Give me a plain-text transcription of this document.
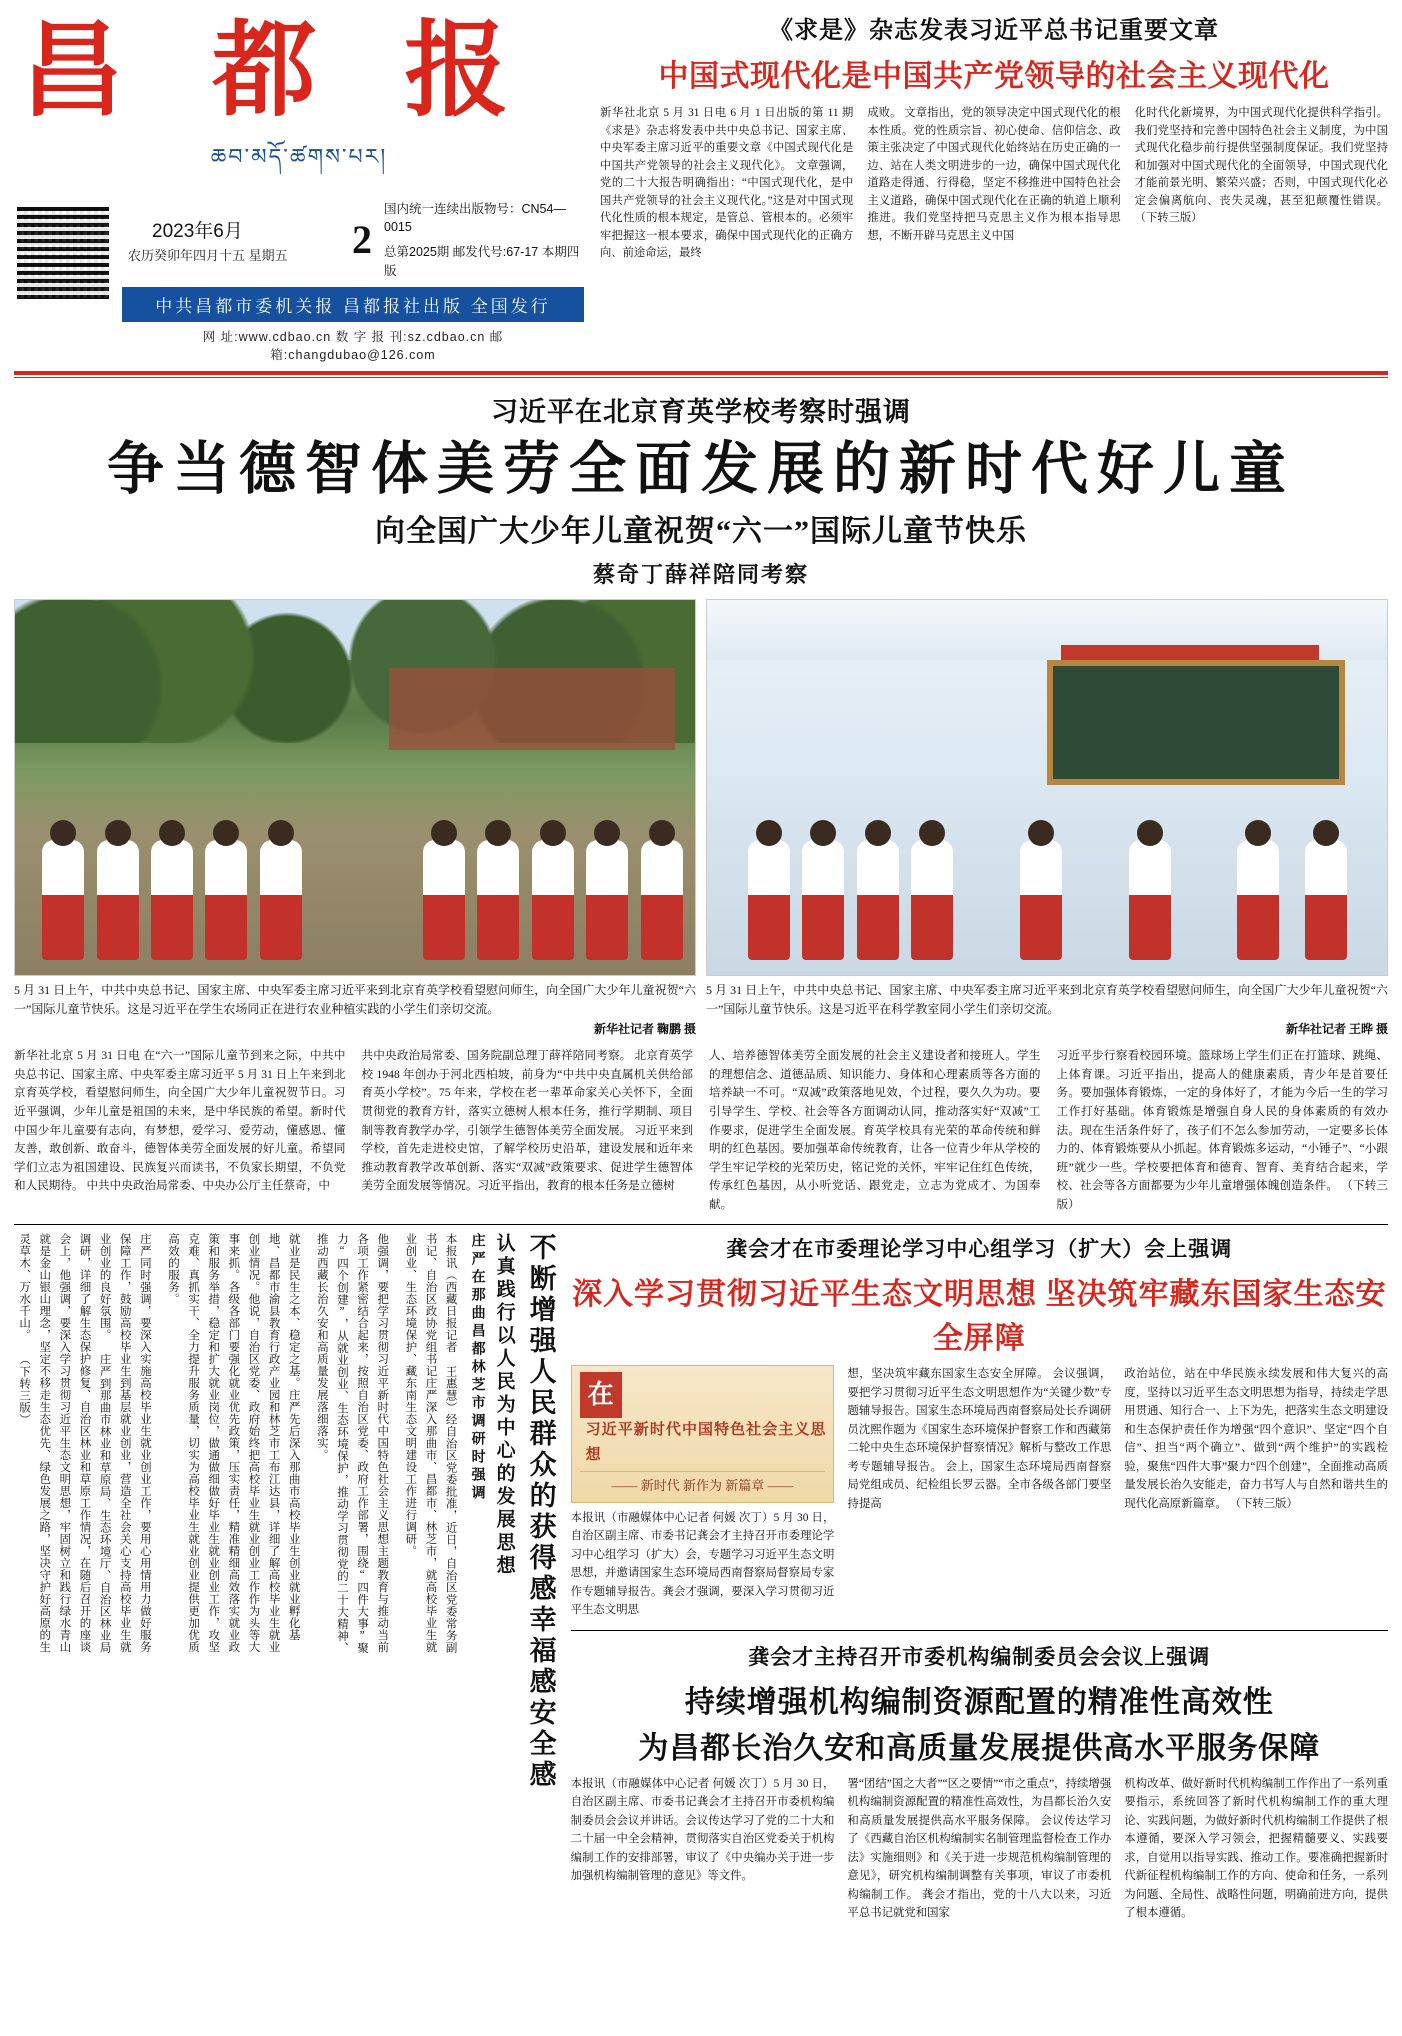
昌 都 报
ཆབ་མདོ་ཚགས་པར།
2023年6月
农历癸卯年四月十五 星期五	2
国内统一连续出版物号：CN54—0015
总第2025期 邮发代号:67-17 本期四版
中共昌都市委机关报 昌都报社出版 全国发行
网 址:www.cdbao.cn 数 字 报 刊:sz.cdbao.cn 邮 箱:changdubao@126.com
《求是》杂志发表习近平总书记重要文章
中国式现代化是中国共产党领导的社会主义现代化
新华社北京 5 月 31 日电 6 月 1 日出版的第 11 期《求是》杂志将发表中共中央总书记、国家主席、中央军委主席习近平的重要文章《中国式现代化是中国共产党领导的社会主义现代化》。 文章强调，党的二十大报告明确指出：“中国式现代化，是中国共产党领导的社会主义现代化。”这是对中国式现代化性质的根本规定，是管总、管根本的。必须牢牢把握这一根本要求，确保中国式现代化的正确方向、前途命运，最终
成败。 文章指出，党的领导决定中国式现代化的根本性质。党的性质宗旨、初心使命、信仰信念、政策主张决定了中国式现代化始终站在历史正确的一边、站在人类文明进步的一边，确保中国式现代化道路走得通、行得稳，坚定不移推进中国特色社会主义道路，确保中国式现代化在正确的轨道上顺利推进。我们党坚持把马克思主义作为根本指导思想，不断开辟马克思主义中国
化时代化新境界，为中国式现代化提供科学指引。我们党坚持和完善中国特色社会主义制度，为中国式现代化稳步前行提供坚强制度保证。我们党坚持和加强对中国式现代化的全面领导，中国式现代化才能前景光明、繁荣兴盛；否则，中国式现代化必定会偏离航向、丧失灵魂，甚至犯颠覆性错误。 （下转三版）
习近平在北京育英学校考察时强调
争当德智体美劳全面发展的新时代好儿童
向全国广大少年儿童祝贺“六一”国际儿童节快乐
蔡奇丁薛祥陪同考察
5 月 31 日上午，中共中央总书记、国家主席、中央军委主席习近平来到北京育英学校看望慰问师生，向全国广大少年儿童祝贺“六一”国际儿童节快乐。这是习近平在学生农场同正在进行农业种植实践的小学生们亲切交流。
新华社记者 鞠鹏 摄
5 月 31 日上午，中共中央总书记、国家主席、中央军委主席习近平来到北京育英学校看望慰问师生，向全国广大少年儿童祝贺“六一”国际儿童节快乐。这是习近平在科学教室同小学生们亲切交流。
新华社记者 王晔 摄
新华社北京 5 月 31 日电 在“六一”国际儿童节到来之际，中共中央总书记、国家主席、中央军委主席习近平 5 月 31 日上午来到北京育英学校，看望慰问师生，向全国广大少年儿童祝贺节日。习近平强调，少年儿童是祖国的未来，是中华民族的希望。新时代中国少年儿童要有志向，有梦想，爱学习、爱劳动，懂感恩、懂友善，敢创新、敢奋斗，德智体美劳全面发展的好儿童。希望同学们立志为祖国建设、民族复兴而读书，不负家长期望，不负党和人民期待。 中共中央政治局常委、中央办公厅主任蔡奇，中
共中央政治局常委、国务院副总理丁薛祥陪同考察。 北京育英学校 1948 年创办于河北西柏坡，前身为“中共中央直属机关供给部育英小学校”。75 年来，学校在老一辈革命家关心关怀下，全面贯彻党的教育方针，落实立德树人根本任务，推行学期制、项目制等教育教学办学，引领学生德智体美劳全面发展。 习近平来到学校，首先走进校史馆，了解学校历史沿革，建设发展和近年来推动教育教学改革创新、落实“双减”政策要求、促进学生德智体美劳全面发展等情况。习近平指出，教育的根本任务是立德树
人、培养德智体美劳全面发展的社会主义建设者和接班人。学生的理想信念、道德品质、知识能力、身体和心理素质等各方面的培养缺一不可。“双减”政策落地见效，个过程，要久久为功。要引导学生、学校、社会等各方面调动认同，推动落实好“双减”工作要求，促进学生全面发展。育英学校具有光荣的革命传统和鲜明的红色基因。要加强革命传统教育，让各一位青少年从学校的学生牢记学校的光荣历史，铭记党的关怀，牢牢记住红色传统，传承红色基因，从小听党话、跟党走，立志为党成才、为国奉献。
习近平步行察看校园环境。篮球场上学生们正在打篮球、跳绳、上体育课。习近平指出，提高人的健康素质，青少年是首要任务。要加强体育锻炼，一定的身体好了，才能为今后一生的学习工作打好基础。体育锻炼是增强自身人民的身体素质的有效办法。现在生活条件好了，孩子们不怎么参加劳动，一定要多长体力的、体育锻炼要从小抓起。体育锻炼多运动，“小锤子”、“小跟班”就少一些。学校要把体育和德育、智育、美育结合起来，学校、社会等各方面都要为少年儿童增强体魄创造条件。 （下转三版）
不断增强人民群众的获得感幸福感安全感
认真践行以人民为中心的发展思想
庄严在那曲昌都林芝市调研时强调
本报讯（西藏日报记者 王惠慧）经自治区党委批准，近日，自治区党委常务副书记、自治区政协党组书记庄严深入那曲市、昌都市、林芝市，就高校毕业生就业创业、生态环境保护、藏东南生态文明建设工作进行调研。
他强调，要把学习贯彻习近平新时代中国特色社会主义思想主题教育与推动当前各项工作紧密结合起来，按照自治区党委、政府工作部署，围绕“四件大事”聚力“四个创建”，从就业创业、生态环境保护，推动学习贯彻党的二十大精神、推动西藏长治久安和高质量发展落细落实。
就业是民生之本、稳定之基。庄严先后深入那曲市高校毕业生创业就业孵化基地、昌都市渝县教育行政产业园和林芝市工布江达县，详细了解高校毕业生就业创业情况。他说，自治区党委、政府始终把高校毕业生就业创业工作作为头等大事来抓。各级各部门要强化就业优先政策，压实责任，精准精细高效落实就业政策和服务举措，稳定和扩大就业岗位，做通做细做好毕业生就业创业工作，攻坚克难、真抓实干、全力提升服务质量，切实为高校毕业生就业创业提供更加优质高效的服务。
庄严同时强调，要深入实施高校毕业生就业创业工作，要用心用情用力做好服务保障工作，鼓励高校毕业生到基层就业创业，营造全社会关心支持高校毕业生就业创业的良好氛围。 庄严到那曲市林业和草原局、生态环境厅、自治区林业局调研，详细了解生态保护修复、自治区林业和草原工作情况，在随后召开的座谈会上，他强调，要深入学习贯彻习近平生态文明思想，牢固树立和践行绿水青山就是金山银山理念，坚定不移走生态优先、绿色发展之路，坚决守护好高原的生灵草木、万水千山。 （下转三版）	龚会才在市委理论学习中心组学习（扩大）会上强调
深入学习贯彻习近平生态文明思想 坚决筑牢藏东国家生态安全屏障
在 习近平新时代中国特色社会主义思想
—— 新时代 新作为 新篇章 ——
本报讯（市融媒体中心记者 何媛 次丁）5 月 30 日，自治区副主席、市委书记龚会才主持召开市委理论学习中心组学习（扩大）会，专题学习习近平生态文明思想，并邀请国家生态环境局西南督察局督察局专家作专题辅导报告。龚会才强调，要深入学习贯彻习近平生态文明思
想，坚决筑牢藏东国家生态安全屏障。 会议强调，要把学习贯彻习近平生态文明思想作为“关键少数”专题辅导报告。国家生态环境局西南督察局处长乔调研员沈熙作题为《国家生态环境保护督察工作和西藏第二轮中央生态环境保护督察情况》解析与整改工作思考专题辅导报告。 会上，国家生态环境局西南督察局党组成员、纪检组长罗云器。全市各级各部门要坚持提高
政治站位，站在中华民族永续发展和伟大复兴的高度，坚持以习近平生态文明思想为指导，持续走学思用贯通、知行合一、上下为先，把落实生态文明建设和生态保护责任作为增强“四个意识”、坚定“四个自信”、担当“两个确立”、做到“两个维护”的实践检验，聚焦“四件大事”聚力“四个创建”，全面推动高质量发展长治久安能走，奋力书写人与自然和谐共生的现代化高原新篇章。 （下转三版）
龚会才主持召开市委机构编制委员会会议上强调
持续增强机构编制资源配置的精准性高效性
为昌都长治久安和高质量发展提供高水平服务保障
本报讯（市融媒体中心记者 何媛 次丁）5 月 30 日，自治区副主席、市委书记龚会才主持召开市委机构编制委员会会议并讲话。会议传达学习了党的二十大和二十届一中全会精神，贯彻落实自治区党委关于机构编制工作的安排部署，审议了《中央编办关于进一步加强机构编制管理的意见》等文件。
署“团结”国之大者”“区之要情”“市之重点”，持续增强机构编制资源配置的精准性高效性，为昌都长治久安和高质量发展提供高水平服务保障。 会议传达学习了《西藏自治区机构编制实名制管理监督检查工作办法》实施细则》和《关于进一步规范机构编制管理的意见》，研究机构编制调整有关事项，审议了市委机构编制工作。 龚会才指出，党的十八大以来，习近平总书记就党和国家
机构改革、做好新时代机构编制工作作出了一系列重要指示，系统回答了新时代机构编制工作的重大理论、实践问题，为做好新时代机构编制工作提供了根本遵循，要深入学习领会，把握精髓要义、实践要求，自觉用以指导实践、推动工作。要准确把握新时代新征程机构编制工作的方向、使命和任务，一系列为问题、全局性、战略性问题，明确前进方向，提供了根本遵循。
